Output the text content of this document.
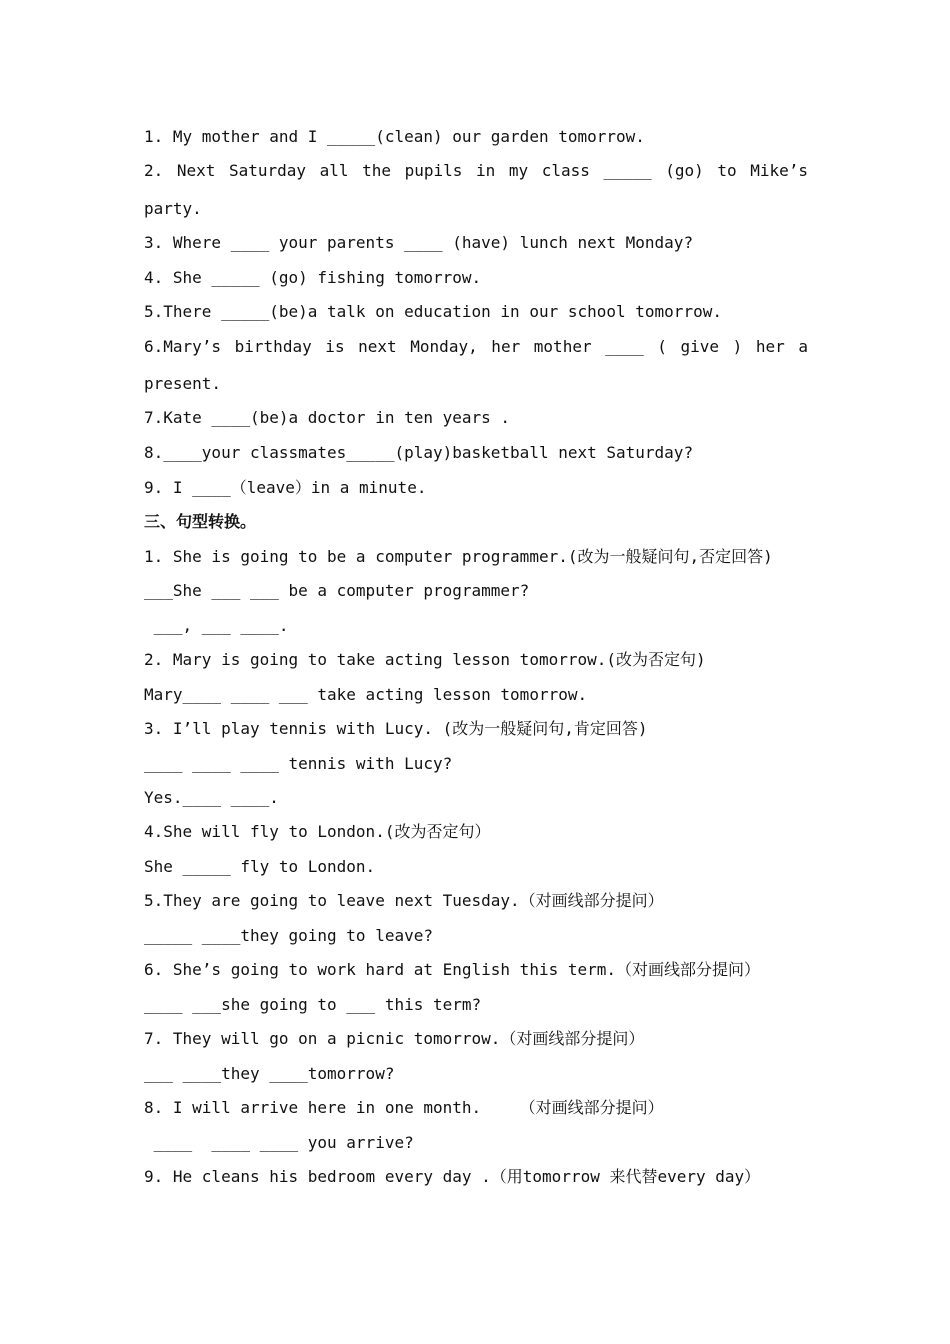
1. My mother and I _____(clean) our garden tomorrow.
2. Next Saturday all the pupils in my class _____ (go) to Mike’s
party.
3. Where ____ your parents ____ (have) lunch next Monday?
4. She _____ (go) fishing tomorrow.
5.There _____(be)a talk on education in our school tomorrow.
6.Mary’s birthday is next Monday, her mother ____ ( give ) her a
present.
7.Kate ____(be)a doctor in ten years .
8.____your classmates_____(play)basketball next Saturday?
9. I ____（leave）in a minute.
三、句型转换。
1. She is going to be a computer programmer.(改为一般疑问句,否定回答)
___She ___ ___ be a computer programmer?
___, ___ ____.
2. Mary is going to take acting lesson tomorrow.(改为否定句)
Mary____ ____ ___ take acting lesson tomorrow.
3. I’ll play tennis with Lucy. (改为一般疑问句,肯定回答)
____ ____ ____ tennis with Lucy?
Yes.____ ____.
4.She will fly to London.(改为否定句）
She _____ fly to London.
5.They are going to leave next Tuesday.（对画线部分提问）
_____ ____they going to leave?
6. She’s going to work hard at English this term.（对画线部分提问）
____ ___she going to ___ this term?
7. They will go on a picnic tomorrow.（对画线部分提问）
___ ____they ____tomorrow?
8. I will arrive here in one month.    （对画线部分提问）
____  ____ ____ you arrive?
9. He cleans his bedroom every day .（用tomorrow 来代替every day）
